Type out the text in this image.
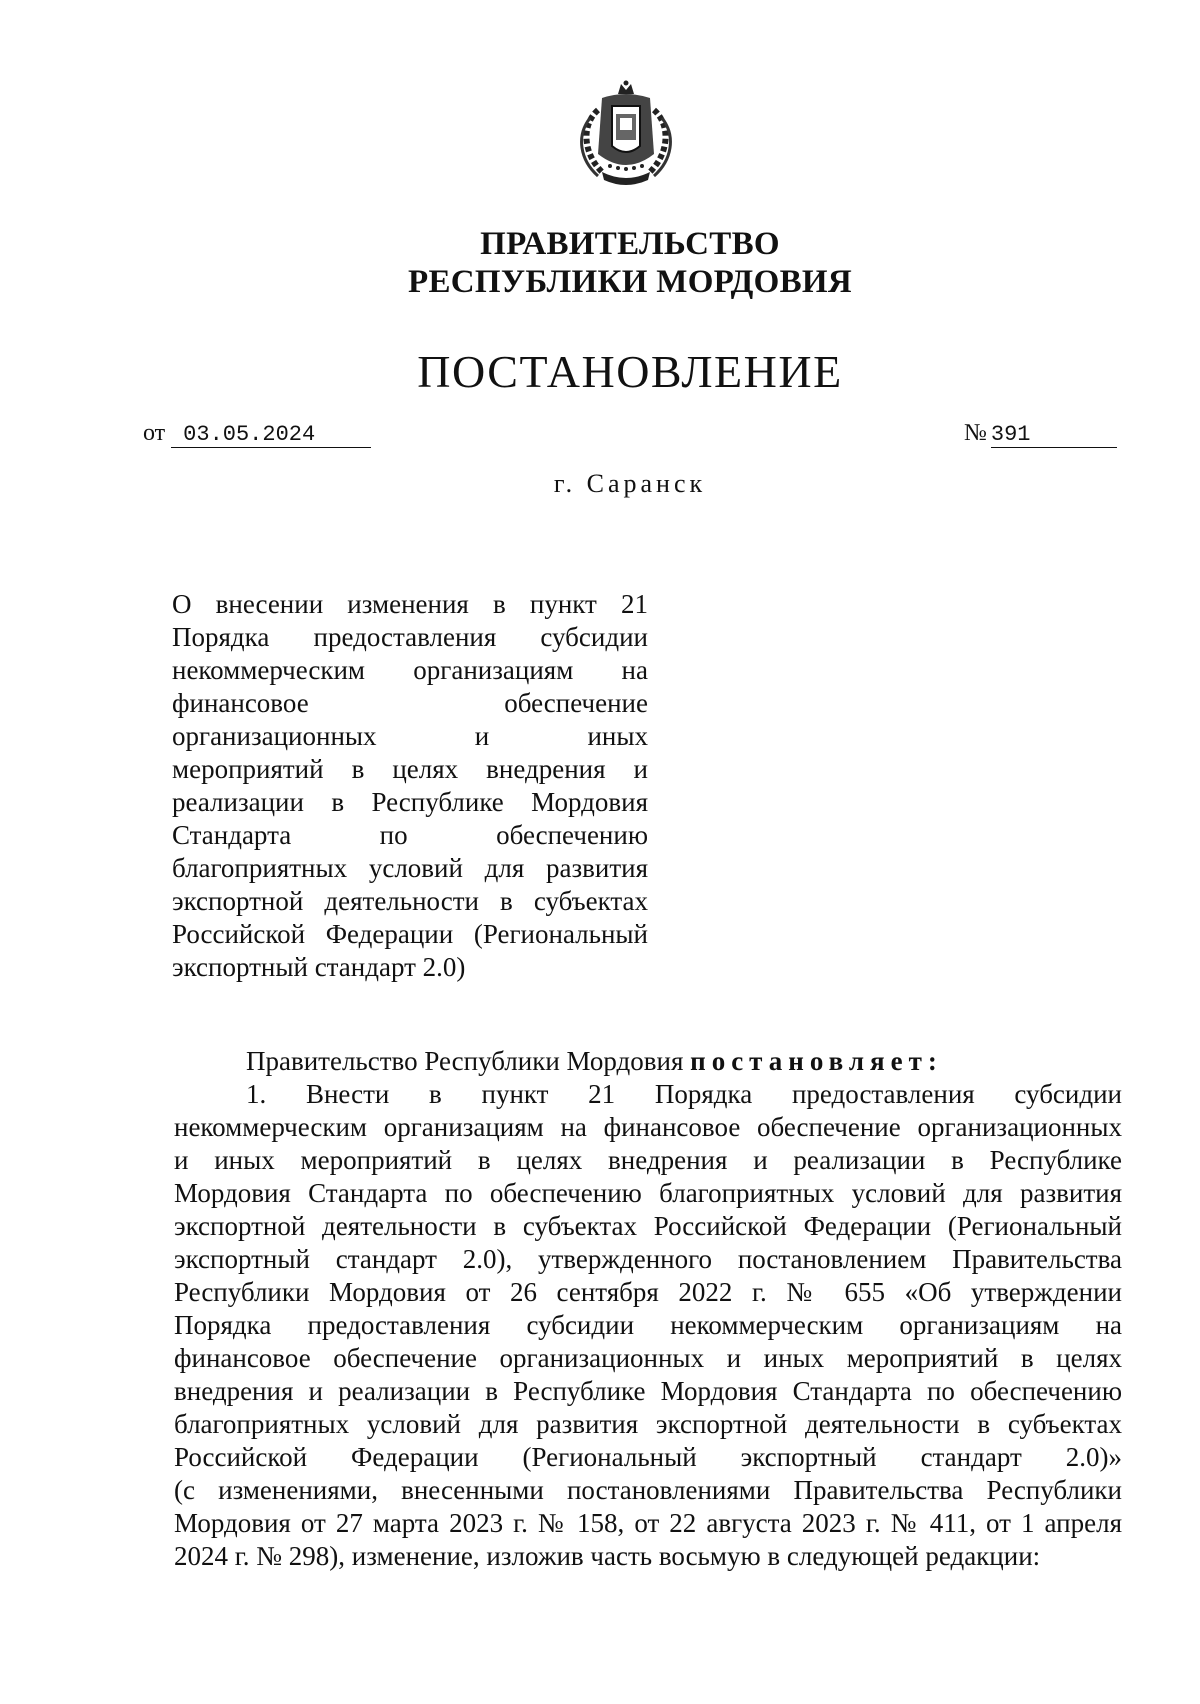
ПРАВИТЕЛЬСТВО
РЕСПУБЛИКИ МОРДОВИЯ
ПОСТАНОВЛЕНИЕ
от 03.05.2024	№ 391
г. Саранск
О внесении изменения в пункт 21
Порядка предоставления субсидии
некоммерческим организациям на
финансовое обеспечение
организационных и иных
мероприятий в целях внедрения и
реализации в Республике Мордовия
Стандарта по обеспечению
благоприятных условий для развития
экспортной деятельности в субъектах
Российской Федерации (Региональный
экспортный стандарт 2.0)
Правительство Республики Мордовия постановляет:
1. Внести в пункт 21 Порядка предоставления субсидии
некоммерческим организациям на финансовое обеспечение организационных
и иных мероприятий в целях внедрения и реализации в Республике
Мордовия Стандарта по обеспечению благоприятных условий для развития
экспортной деятельности в субъектах Российской Федерации (Региональный
экспортный стандарт 2.0), утвержденного постановлением Правительства
Республики Мордовия от 26 сентября 2022 г. № 655 «Об утверждении
Порядка предоставления субсидии некоммерческим организациям на
финансовое обеспечение организационных и иных мероприятий в целях
внедрения и реализации в Республике Мордовия Стандарта по обеспечению
благоприятных условий для развития экспортной деятельности в субъектах
Российской Федерации (Региональный экспортный стандарт 2.0)»
(с изменениями, внесенными постановлениями Правительства Республики
Мордовия от 27 марта 2023 г. № 158, от 22 августа 2023 г. № 411, от 1 апреля
2024 г. № 298), изменение, изложив часть восьмую в следующей редакции:
